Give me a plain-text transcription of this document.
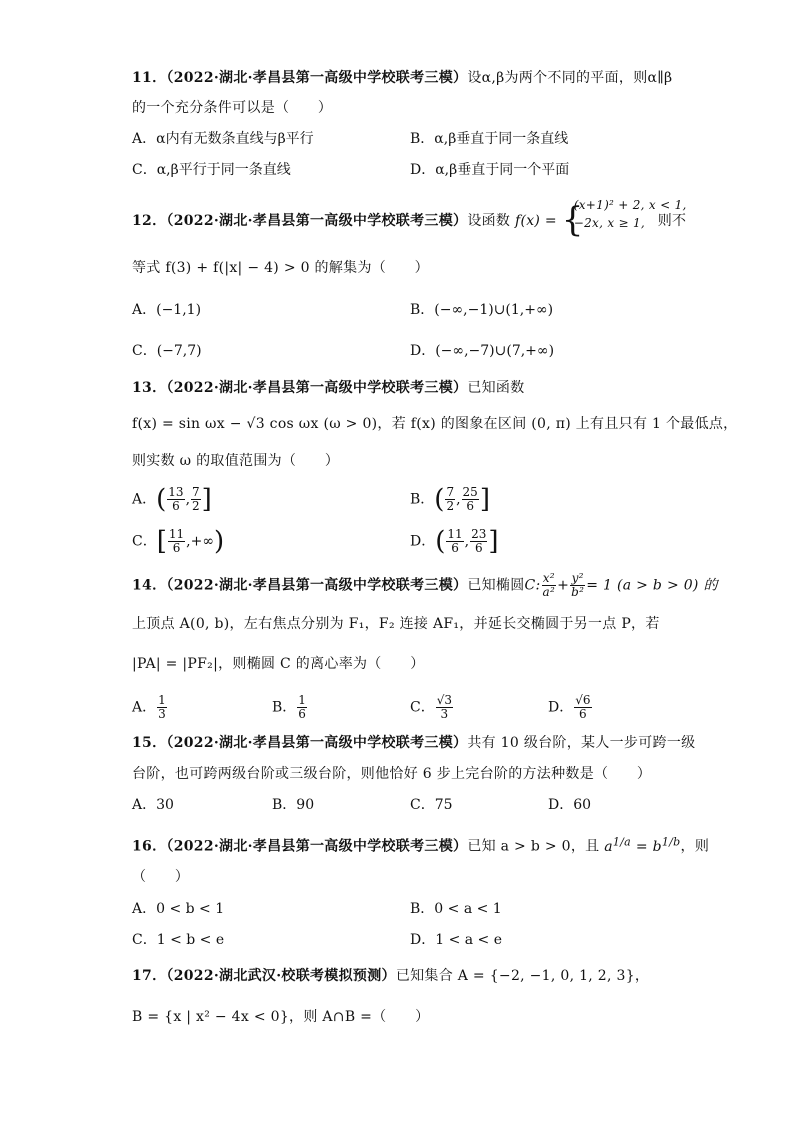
11．（2022·湖北·孝昌县第一高级中学校联考三模）设α,β为两个不同的平面，则α∥β
的一个充分条件可以是（　　）
A．α内有无数条直线与β平行	B．α,β垂直于同一条直线
C．α,β平行于同一条直线	D．α,β垂直于同一个平面
12．（2022·湖北·孝昌县第一高级中学校联考三模）设函数 f(x) = {
(x+1)² + 2, x < 1,
−2x, x ≥ 1, 则不
等式 f(3) + f(|x| − 4) > 0 的解集为（　　）
A．(−1,1)	B．(−∞,−1)∪(1,+∞)
C．(−7,7)	D．(−∞,−7)∪(7,+∞)
13．（2022·湖北·孝昌县第一高级中学校联考三模）已知函数
f(x) = sin ωx − √3 cos ωx (ω > 0)，若 f(x) 的图象在区间 (0, π) 上有且只有 1 个最低点，
则实数 ω 的取值范围为（　　）
A．( $\frac{13}{6}$ , $\frac{7}{2}$ ]	B．( $\frac{7}{2}$ , $\frac{25}{6}$ ]
C．[ $\frac{11}{6}$ ,+∞)	D．( $\frac{11}{6}$ , $\frac{23}{6}$ ]
14．（2022·湖北·孝昌县第一高级中学校联考三模）已知椭圆C: $\frac{\text{x²}}{\text{a²}} + \frac{\text{y²}}{\text{b²}} = 1$ (a > b > 0) 的
上顶点 A(0, b)，左右焦点分别为 F₁，F₂ 连接 AF₁，并延长交椭圆于另一点 P，若
|PA| = |PF₂|，则椭圆 C 的离心率为（　　）
A． $\frac{1}{3}$	B． $\frac{1}{6}$	C． $\frac{√3}{3}$	D． $\frac{√6}{6}$
15．（2022·湖北·孝昌县第一高级中学校联考三模）共有 10 级台阶，某人一步可跨一级
台阶，也可跨两级台阶或三级台阶，则他恰好 6 步上完台阶的方法种数是（　　）
A．30	B．90	C．75	D．60
16．（2022·湖北·孝昌县第一高级中学校联考三模）已知 a > b > 0，且 $a^{1/a} = b^{1/b}$，则
（　　）
A．0 < b < 1	B．0 < a < 1
C．1 < b < e	D．1 < a < e
17．（2022·湖北武汉·校联考模拟预测）已知集合 A = {−2, −1, 0, 1, 2, 3}，
B = {x | x² − 4x < 0}，则 A∩B =（　　）
